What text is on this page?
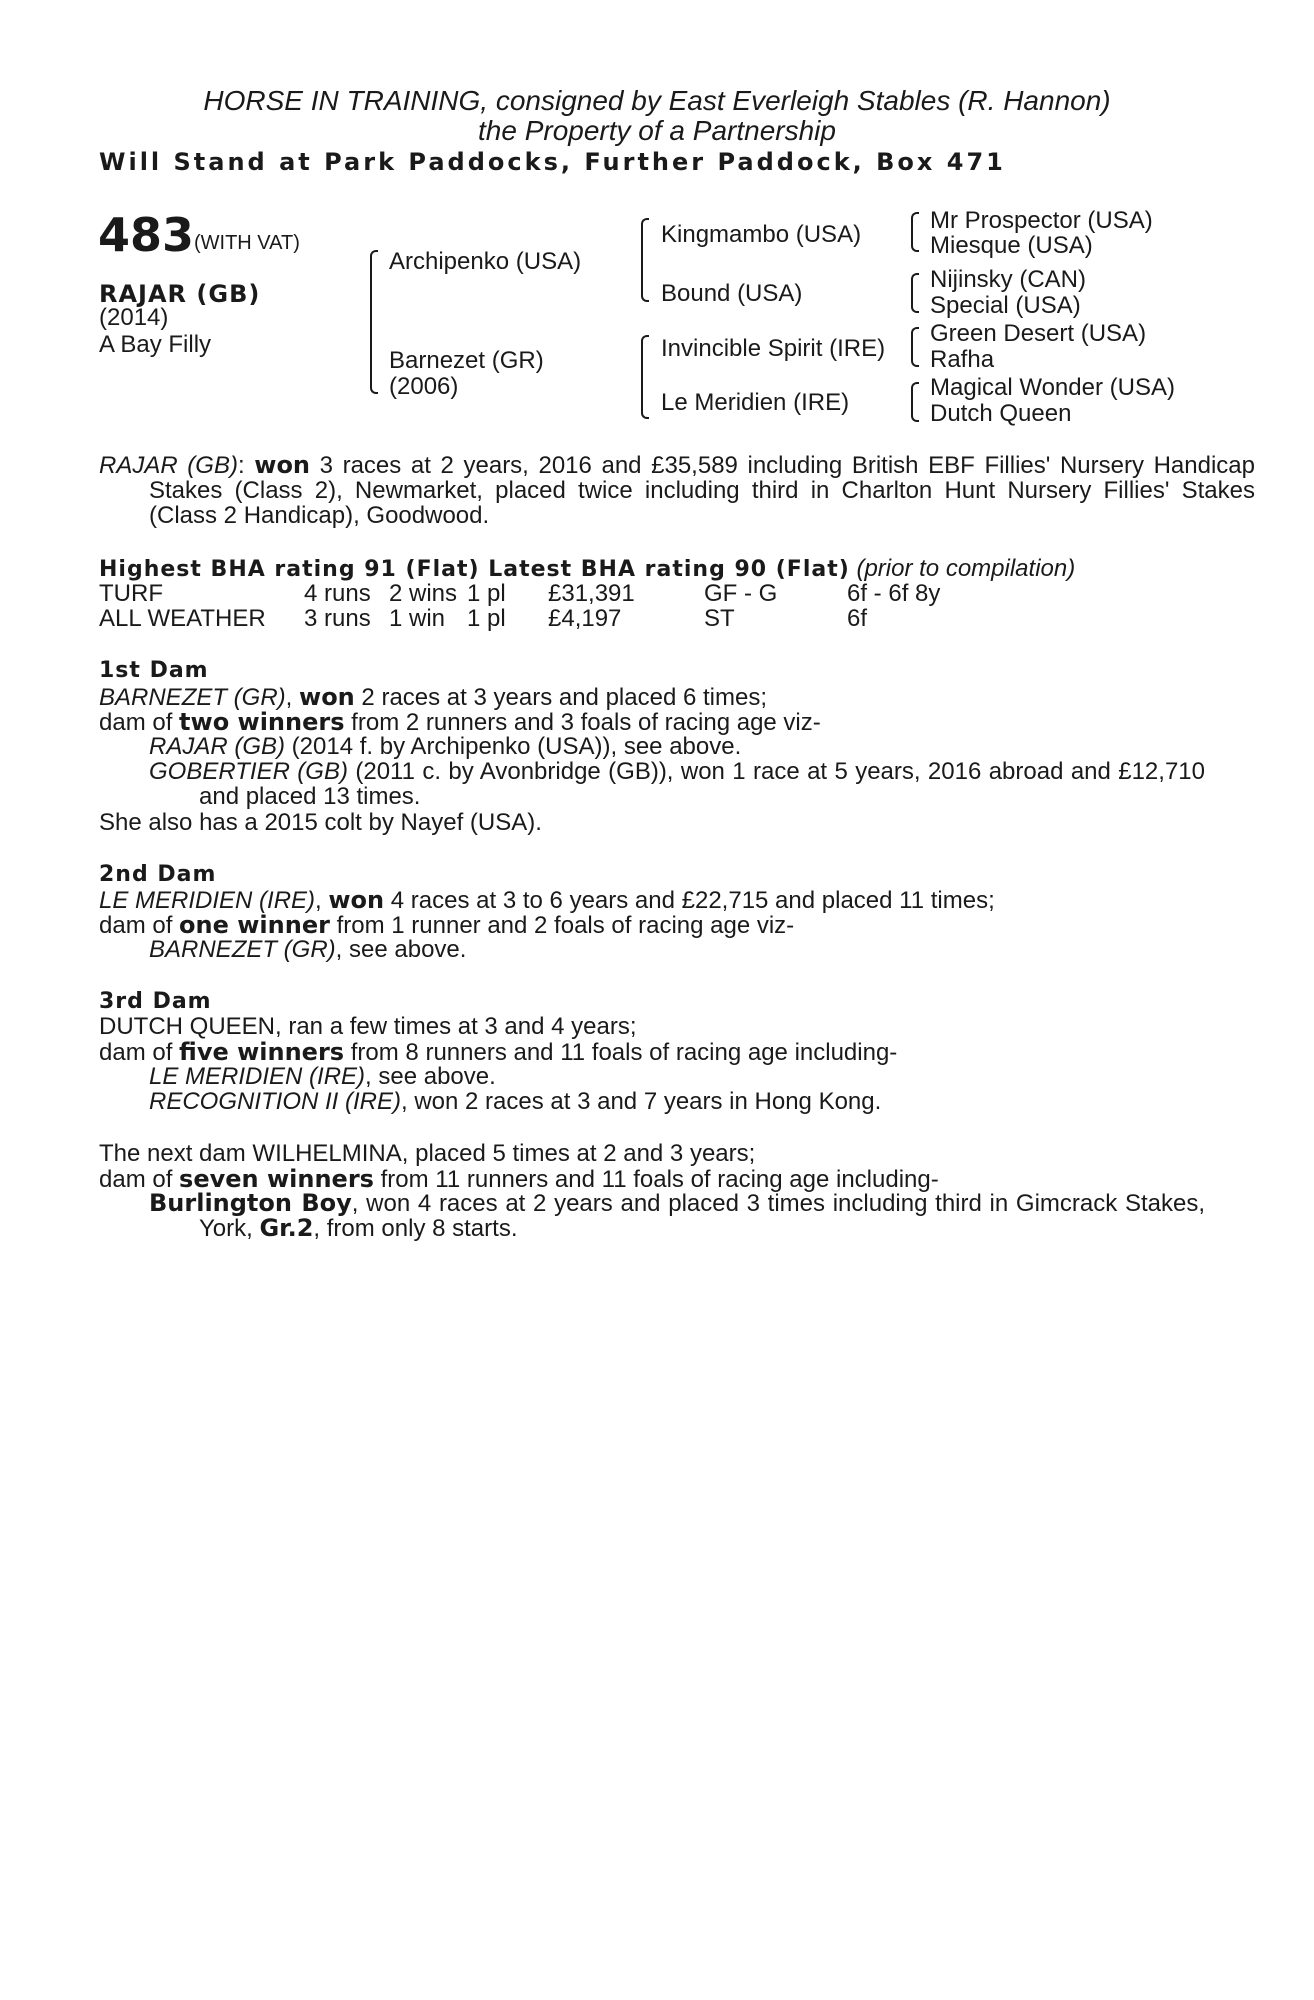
HORSE IN TRAINING, consigned by East Everleigh Stables (R. Hannon)
the Property of a Partnership
Will Stand at Park Paddocks, Further Paddock, Box 471
483 (WITH VAT)
RAJAR (GB)
(2014)
A Bay Filly
Archipenko (USA)
Barnezet (GR)
(2006)
Kingmambo (USA)
Bound (USA)
Invincible Spirit (IRE)
Le Meridien (IRE)
Mr Prospector (USA)
Miesque (USA)
Nijinsky (CAN)
Special (USA)
Green Desert (USA)
Rafha
Magical Wonder (USA)
Dutch Queen
RAJAR (GB): won 3 races at 2 years, 2016 and £35,589 including British EBF Fillies' Nursery Handicap Stakes (Class 2), Newmarket, placed twice including third in Charlton Hunt Nursery Fillies' Stakes (Class 2 Handicap), Goodwood.
Highest BHA rating 91 (Flat) Latest BHA rating 90 (Flat) (prior to compilation)
TURF	4 runs 2 wins 1 pl £31,391	GF - G	6f - 6f 8y
ALL WEATHER 3 runs 1 win 1 pl £4,197	ST	6f
1st Dam
BARNEZET (GR), won 2 races at 3 years and placed 6 times;
dam of two winners from 2 runners and 3 foals of racing age viz-
RAJAR (GB) (2014 f. by Archipenko (USA)), see above.
GOBERTIER (GB) (2011 c. by Avonbridge (GB)), won 1 race at 5 years, 2016 abroad and £12,710 and placed 13 times.
She also has a 2015 colt by Nayef (USA).
2nd Dam
LE MERIDIEN (IRE), won 4 races at 3 to 6 years and £22,715 and placed 11 times;
dam of one winner from 1 runner and 2 foals of racing age viz-
BARNEZET (GR), see above.
3rd Dam
DUTCH QUEEN, ran a few times at 3 and 4 years;
dam of five winners from 8 runners and 11 foals of racing age including-
LE MERIDIEN (IRE), see above.
RECOGNITION II (IRE), won 2 races at 3 and 7 years in Hong Kong.
The next dam WILHELMINA, placed 5 times at 2 and 3 years;
dam of seven winners from 11 runners and 11 foals of racing age including-
Burlington Boy, won 4 races at 2 years and placed 3 times including third in Gimcrack Stakes, York, Gr.2, from only 8 starts.
